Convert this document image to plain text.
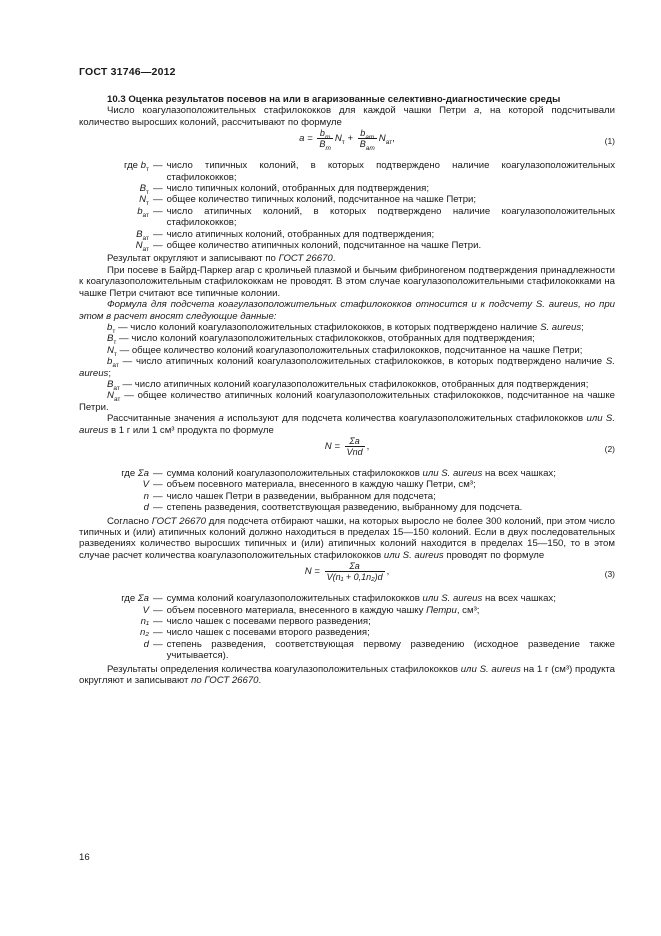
ГОСТ 31746—2012

10.3 Оценка результатов посевов на или в агаризованные селективно-диагностические среды

Число коагулазоположительных стафилококков для каждой чашки Петри a, на которой подсчитывали количество выросших колоний, рассчитывают по формуле

$a = \frac{b_т}{B_т} N_т + \frac{b_{ат}}{B_{ат}} N_{ат}$,	(1)
где $b_т$ — число типичных колоний, в которых подтверждено наличие коагулазоположительных стафилококков;
$B_т$ — число типичных колоний, отобранных для подтверждения;
$N_т$ — общее количество типичных колоний, подсчитанное на чашке Петри;
$b_{ат}$ — число атипичных колоний, в которых подтверждено наличие коагулазоположительных стафилококков;
$B_{ат}$ — число атипичных колоний, отобранных для подтверждения;
$N_{ат}$ — общее количество атипичных колоний, подсчитанное на чашке Петри.

Результат округляют и записывают по ГОСТ 26670.

При посеве в Байрд-Паркер агар с кроличьей плазмой и бычьим фибриногеном подтверждения принадлежности к коагулазоположительным стафилококкам не проводят. В этом случае коагулазоположительными стафилококками на чашке Петри считают все типичные колонии.

Формула для подсчета коагулазоположительных стафилококков относится и к подсчету S. aureus, но при этом в расчет вносят следующие данные:

$b_т$ — число колоний коагулазоположительных стафилококков, в которых подтверждено наличие S. aureus;

$B_т$ — число колоний коагулазоположительных стафилококков, отобранных для подтверждения;

$N_т$ — общее количество колоний коагулазоположительных стафилококков, подсчитанное на чашке Петри;

$b_{ат}$ — число атипичных колоний коагулазоположительных стафилококков, в которых подтверждено наличие S. aureus;

$B_{ат}$ — число атипичных колоний коагулазоположительных стафилококков, отобранных для подтверждения;

$N_{ат}$ — общее количество атипичных колоний коагулазоположительных стафилококков, подсчитанное на чашке Петри.

Рассчитанные значения a используют для подсчета количества коагулазоположительных стафилококков или S. aureus в 1 г или 1 см³ продукта по формуле

$N = \frac{\Sigma a}{\text{Vnd}}$ ,	(2)
где Σa — сумма колоний коагулазоположительных стафилококков или S. aureus на всех чашках;
V — объем посевного материала, внесенного в каждую чашку Петри, см³;
n — число чашек Петри в разведении, выбранном для подсчета;
d — степень разведения, соответствующая разведению, выбранному для подсчета.

Согласно ГОСТ 26670 для подсчета отбирают чашки, на которых выросло не более 300 колоний, при этом число типичных и (или) атипичных колоний должно находиться в пределах 15—150 колоний. Если в двух последовательных разведениях количество выросших типичных и (или) атипичных колоний находится в пределах 15—150, то в этом случае расчет количества коагулазоположительных стафилококков или S. aureus проводят по формуле

$N = \frac{\Sigma a}{\text{V(n₁ + 0,1n₂)d}}$ ,	(3)
где Σa — сумма колоний коагулазоположительных стафилококков или S. aureus на всех чашках;
V — объем посевного материала, внесенного в каждую чашку Петри, см³;
n₁ — число чашек с посевами первого разведения;
n₂ — число чашек с посевами второго разведения;
d — степень разведения, соответствующая первому разведению (исходное разведение также учитывается).

Результаты определения количества коагулазоположительных стафилококков или S. aureus на 1 г (см³) продукта округляют и записывают по ГОСТ 26670.

16
